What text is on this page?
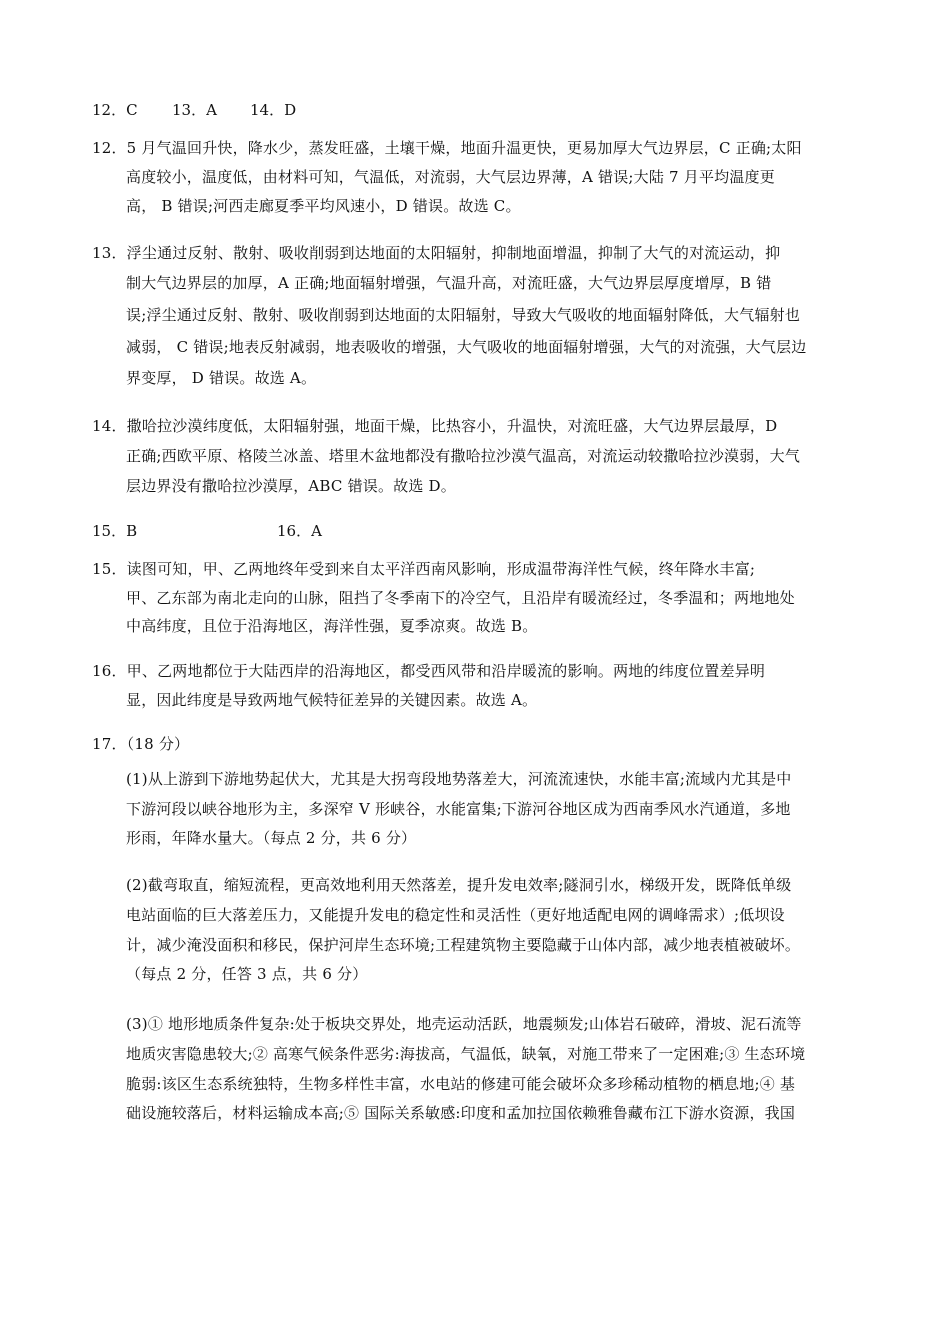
12．C 13．A 14．D
12．5 月气温回升快，降水少，蒸发旺盛，土壤干燥，地面升温更快，更易加厚大气边界层，C 正确;太阳
高度较小，温度低，由材料可知，气温低，对流弱，大气层边界薄，A 错误;大陆 7 月平均温度更
高， B 错误;河西走廊夏季平均风速小，D 错误。故选 C。
13．浮尘通过反射、散射、吸收削弱到达地面的太阳辐射，抑制地面增温，抑制了大气的对流运动，抑
制大气边界层的加厚，A 正确;地面辐射增强，气温升高，对流旺盛，大气边界层厚度增厚，B 错
误;浮尘通过反射、散射、吸收削弱到达地面的太阳辐射，导致大气吸收的地面辐射降低，大气辐射也
减弱， C 错误;地表反射减弱，地表吸收的增强，大气吸收的地面辐射增强，大气的对流强，大气层边
界变厚， D 错误。故选 A。
14．撒哈拉沙漠纬度低，太阳辐射强，地面干燥，比热容小，升温快，对流旺盛，大气边界层最厚，D
正确;西欧平原、格陵兰冰盖、塔里木盆地都没有撒哈拉沙漠气温高，对流运动较撒哈拉沙漠弱，大气
层边界没有撒哈拉沙漠厚，ABC 错误。故选 D。
15．B	16．A
15．读图可知，甲、乙两地终年受到来自太平洋西南风影响，形成温带海洋性气候，终年降水丰富;
甲、乙东部为南北走向的山脉，阻挡了冬季南下的冷空气，且沿岸有暖流经过，冬季温和；两地地处
中高纬度，且位于沿海地区，海洋性强，夏季凉爽。故选 B。
16．甲、乙两地都位于大陆西岸的沿海地区，都受西风带和沿岸暖流的影响。两地的纬度位置差异明
显，因此纬度是导致两地气候特征差异的关键因素。故选 A。
17．（18 分）
(1)从上游到下游地势起伏大，尤其是大拐弯段地势落差大，河流流速快，水能丰富;流域内尤其是中
下游河段以峡谷地形为主，多深窄 V 形峡谷，水能富集;下游河谷地区成为西南季风水汽通道，多地
形雨，年降水量大。（每点 2 分，共 6 分）
(2)截弯取直，缩短流程，更高效地利用天然落差，提升发电效率;隧洞引水，梯级开发，既降低单级
电站面临的巨大落差压力，又能提升发电的稳定性和灵活性（更好地适配电网的调峰需求）;低坝设
计，减少淹没面积和移民，保护河岸生态环境;工程建筑物主要隐藏于山体内部，减少地表植被破坏。
（每点 2 分，任答 3 点，共 6 分）
(3)① 地形地质条件复杂:处于板块交界处，地壳运动活跃，地震频发;山体岩石破碎，滑坡、泥石流等
地质灾害隐患较大;② 高寒气候条件恶劣:海拔高，气温低，缺氧，对施工带来了一定困难;③ 生态环境
脆弱:该区生态系统独特，生物多样性丰富，水电站的修建可能会破坏众多珍稀动植物的栖息地;④ 基
础设施较落后，材料运输成本高;⑤ 国际关系敏感:印度和孟加拉国依赖雅鲁藏布江下游水资源，我国
